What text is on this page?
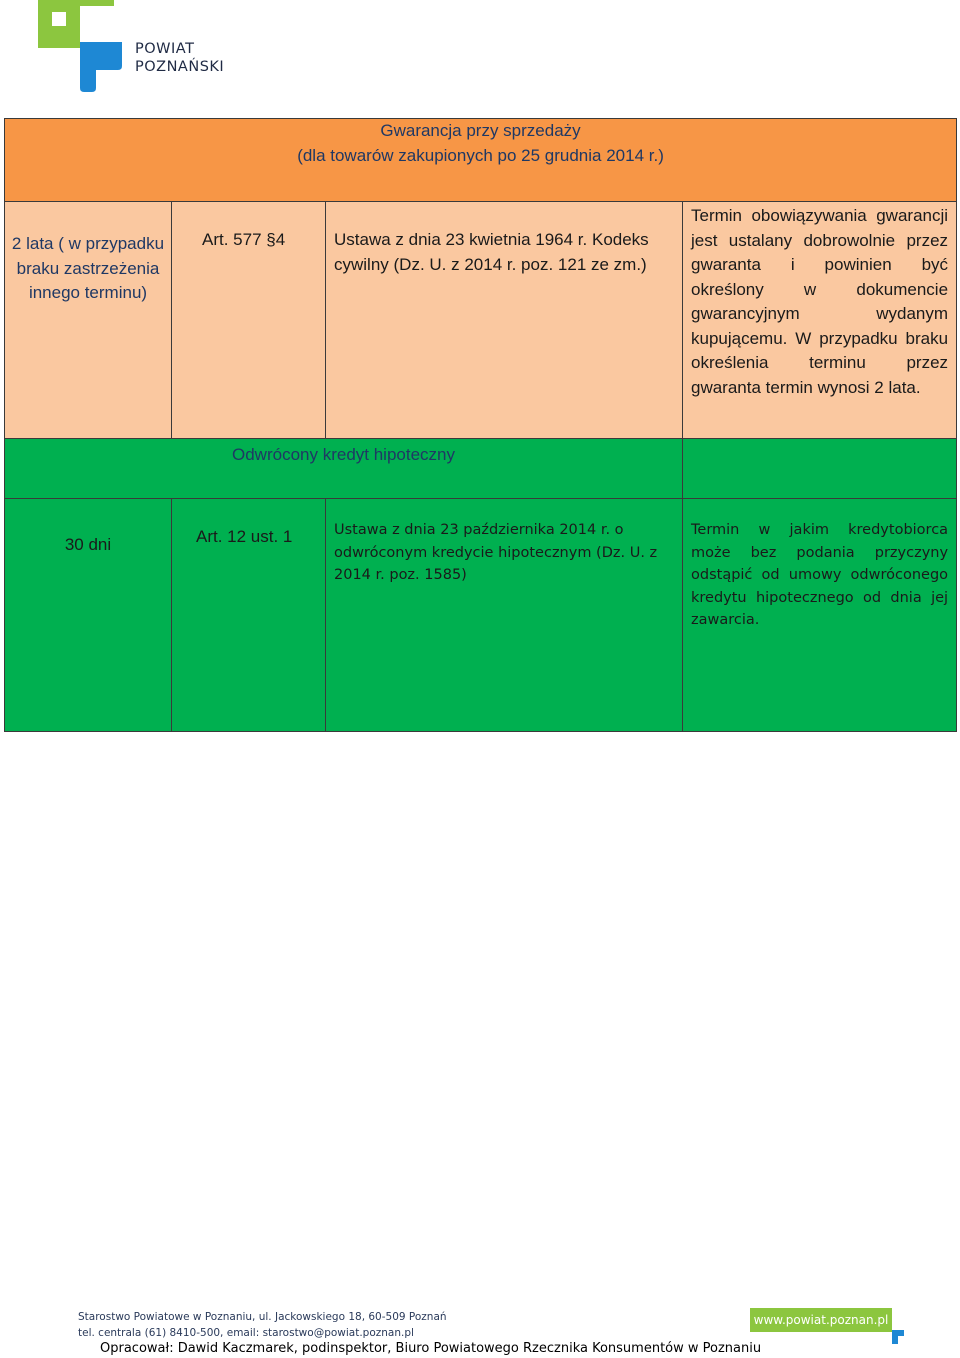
POWIAT
POZNAŃSKI
Gwarancja przy sprzedaży
(dla towarów zakupionych po 25 grudnia 2014 r.)			

2 lata ( w przypadku braku zastrzeżenia innego terminu)	Art. 577 §4	Ustawa z dnia 23 kwietnia 1964 r. Kodeks cywilny (Dz. U. z 2014 r. poz. 121 ze zm.)	Termin obowiązywania gwarancji jest ustalany dobrowolnie przez gwaranta i powinien być określony w dokumencie gwarancyjnym wydanym kupującemu. W przypadku braku określenia terminu przez gwaranta termin wynosi 2 lata.
Odwrócony kredyt hipoteczny			
30 dni	Art. 12 ust. 1	Ustawa z dnia 23 października 2014 r. o odwróconym kredycie hipotecznym (Dz. U. z 2014 r. poz. 1585)	Termin w jakim kredytobiorca może bez podania przyczyny odstąpić od umowy odwróconego kredytu hipotecznego od dnia jej zawarcia.
Starostwo Powiatowe w Poznaniu, ul. Jackowskiego 18, 60-509 Poznań
tel. centrala (61) 8410-500, email: starostwo@powiat.poznan.pl
www.powiat.poznan.pl
Opracował: Dawid Kaczmarek, podinspektor, Biuro Powiatowego Rzecznika Konsumentów w Poznaniu
